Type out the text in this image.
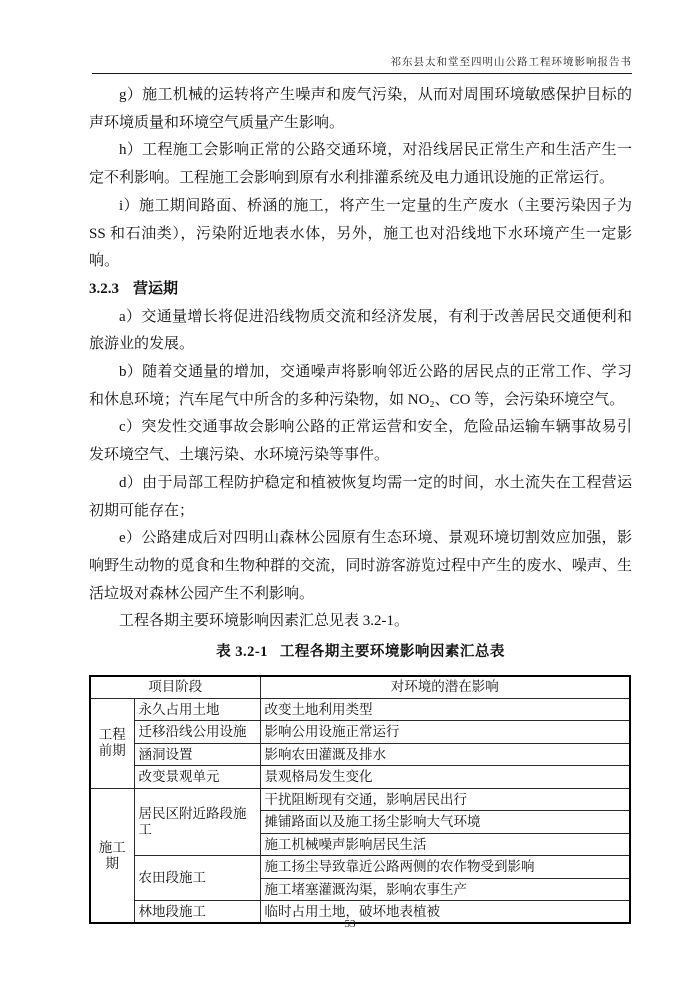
祁东县太和堂至四明山公路工程环境影响报告书

g）施工机械的运转将产生噪声和废气污染，从而对周围环境敏感保护目标的声环境质量和环境空气质量产生影响。

h）工程施工会影响正常的公路交通环境，对沿线居民正常生产和生活产生一定不利影响。工程施工会影响到原有水利排灌系统及电力通讯设施的正常运行。

i）施工期间路面、桥涵的施工，将产生一定量的生产废水（主要污染因子为 SS 和石油类），污染附近地表水体，另外，施工也对沿线地下水环境产生一定影响。

3.2.3 营运期

a）交通量增长将促进沿线物质交流和经济发展，有利于改善居民交通便利和旅游业的发展。

b）随着交通量的增加，交通噪声将影响邻近公路的居民点的正常工作、学习和休息环境；汽车尾气中所含的多种污染物，如 NO₂、CO 等，会污染环境空气。

c）突发性交通事故会影响公路的正常运营和安全，危险品运输车辆事故易引发环境空气、土壤污染、水环境污染等事件。

d）由于局部工程防护稳定和植被恢复均需一定的时间，水土流失在工程营运初期可能存在；

e）公路建成后对四明山森林公园原有生态环境、景观环境切割效应加强，影响野生动物的觅食和生物种群的交流，同时游客游览过程中产生的废水、噪声、生活垃圾对森林公园产生不利影响。

工程各期主要环境影响因素汇总见表 3.2-1。

表 3.2-1 工程各期主要环境影响因素汇总表

项目阶段		对环境的潜在影响
工程前期	永久占用土地	改变土地利用类型
	迁移沿线公用设施	影响公用设施正常运行
	涵洞设置	影响农田灌溉及排水
	改变景观单元	景观格局发生变化
施工期	居民区附近路段施工	干扰阻断现有交通，影响居民出行
		摊铺路面以及施工扬尘影响大气环境
		施工机械噪声影响居民生活
	农田段施工	施工扬尘导致靠近公路两侧的农作物受到影响
		施工堵塞灌溉沟渠，影响农事生产
	林地段施工	临时占用土地，破坏地表植被
53
